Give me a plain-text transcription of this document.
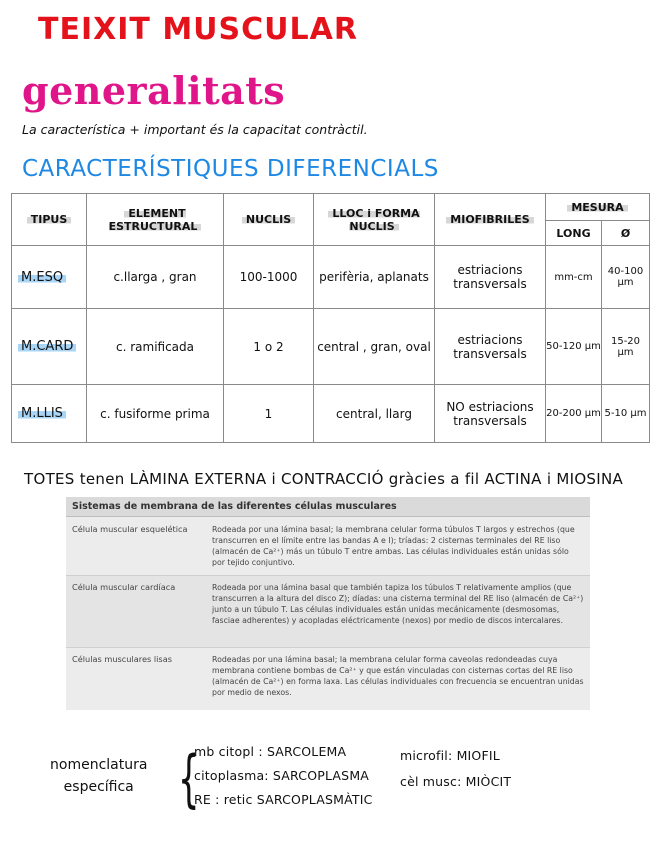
TEIXIT MUSCULAR
generalitats
La característica + important és la capacitat contràctil.
CARACTERÍSTIQUES DIFERENCIALS
TIPUS	ELEMENT ESTRUCTURAL	NUCLIS	LLOC i FORMA NUCLIS	MIOFIBRILES	MESURA	
					LONG	Ø
M.ESQ	c.llarga , gran	100-1000	perifèria, aplanats	estriacions transversals	mm-cm	40-100 µm
M.CARD	c. ramificada	1 o 2	central , gran, oval	estriacions transversals	50-120 µm	15-20 µm
M.LLIS	c. fusiforme prima	1	central, llarg	NO estriacions transversals	20-200 µm	5-10 µm
TOTES tenen LÀMINA EXTERNA i CONTRACCIÓ gràcies a fil ACTINA i MIOSINA
Sistemas de membrana de las diferentes células musculares
Célula muscular esquelética	Rodeada por una lámina basal; la membrana celular forma túbulos T largos y estrechos (que transcurren en el límite entre las bandas A e I); tríadas: 2 cisternas terminales del RE liso (almacén de Ca²⁺) más un túbulo T entre ambas. Las células individuales están unidas sólo por tejido conjuntivo.
Célula muscular cardíaca	Rodeada por una lámina basal que también tapiza los túbulos T relativamente amplios (que transcurren a la altura del disco Z); díadas: una cisterna terminal del RE liso (almacén de Ca²⁺) junto a un túbulo T. Las células individuales están unidas mecánicamente (desmosomas, fasciae adherentes) y acopladas eléctricamente (nexos) por medio de discos intercalares.
Células musculares lisas	Rodeadas por una lámina basal; la membrana celular forma caveolas redondeadas cuya membrana contiene bombas de Ca²⁺ y que están vinculadas con cisternas cortas del RE liso (almacén de Ca²⁺) en forma laxa. Las células individuales con frecuencia se encuentran unidas por medio de nexos.
nomenclatura
específica {
mb citopl : SARCOLEMA
citoplasma: SARCOPLASMA
RE : retic SARCOPLASMÀTIC
microfil: MIOFIL
cèl musc: MIÒCIT
